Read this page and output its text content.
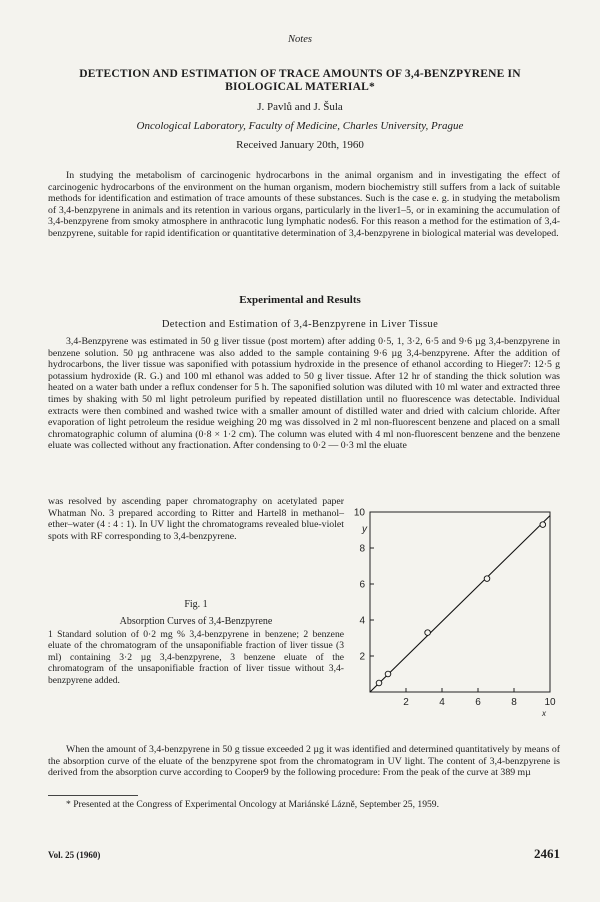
Notes
DETECTION AND ESTIMATION OF TRACE AMOUNTS OF 3,4-BENZPYRENE IN BIOLOGICAL MATERIAL*
J. Pavlů and J. Šula
Oncological Laboratory, Faculty of Medicine, Charles University, Prague
Received January 20th, 1960
In studying the metabolism of carcinogenic hydrocarbons in the animal organism and in investigating the effect of carcinogenic hydrocarbons of the environment on the human organism, modern biochemistry still suffers from a lack of suitable methods for identification and estimation of trace amounts of these substances. Such is the case e. g. in studying the metabolism of 3,4-benzpyrene in animals and its retention in various organs, particularly in the liver1–5, or in examining the accumulation of 3,4-benzpyrene from smoky atmosphere in anthracotic lung lymphatic nodes6. For this reason a method for the estimation of 3,4-benzpyrene, suitable for rapid identification or quantitative determination of 3,4-benzpyrene in biological material was developed.
Experimental and Results
Detection and Estimation of 3,4-Benzpyrene in Liver Tissue
3,4-Benzpyrene was estimated in 50 g liver tissue (post mortem) after adding 0·5, 1, 3·2, 6·5 and 9·6 µg 3,4-benzpyrene in benzene solution. 50 µg anthracene was also added to the sample containing 9·6 µg 3,4-benzpyrene. After the addition of hydrocarbons, the liver tissue was saponified with potassium hydroxide in the presence of ethanol according to Hieger7: 12·5 g potassium hydroxide (R. G.) and 100 ml ethanol was added to 50 g liver tissue. After 12 hr of standing the thick solution was heated on a water bath under a reflux condenser for 5 h. The saponified solution was diluted with 10 ml water and extracted three times by shaking with 50 ml light petroleum purified by repeated distillation until no fluorescence was detectable. Individual extracts were then combined and washed twice with a smaller amount of distilled water and dried with calcium chloride. After evaporation of light petroleum the residue weighing 20 mg was dissolved in 2 ml non-fluorescent benzene and placed on a small chromatographic column of alumina (0·8 × 1·2 cm). The column was eluted with 4 ml non-fluorescent benzene and the benzene eluate was collected without any fractionation. After condensing to 0·2 — 0·3 ml the eluate
was resolved by ascending paper chromatography on acetylated paper Whatman No. 3 prepared according to Ritter and Hartel8 in methanol–ether–water (4 : 4 : 1). In UV light the chromatograms revealed blue-violet spots with RF corresponding to 3,4-benzpyrene.
Fig. 1
Absorption Curves of 3,4-Benzpyrene
1 Standard solution of 0·2 mg % 3,4-benzpyrene in benzene; 2 benzene eluate of the chromatogram of the unsaponifiable fraction of liver tissue (3 ml) containing 3·2 µg 3,4-benzpyrene, 3 benzene eluate of the chromatogram of the unsaponifiable fraction of liver tissue without 3,4-benzpyrene added.
2	4	6	8	10
2
4
6
8
10
y
x
When the amount of 3,4-benzpyrene in 50 g tissue exceeded 2 µg it was identified and determined quantitatively by means of the absorption curve of the eluate of the benzpyrene spot from the chromatogram in UV light. The content of 3,4-benzpyrene is derived from the absorption curve according to Cooper9 by the following procedure: From the peak of the curve at 389 mµ
* Presented at the Congress of Experimental Oncology at Mariánské Lázně, September 25, 1959.
Vol. 25 (1960)	2461
